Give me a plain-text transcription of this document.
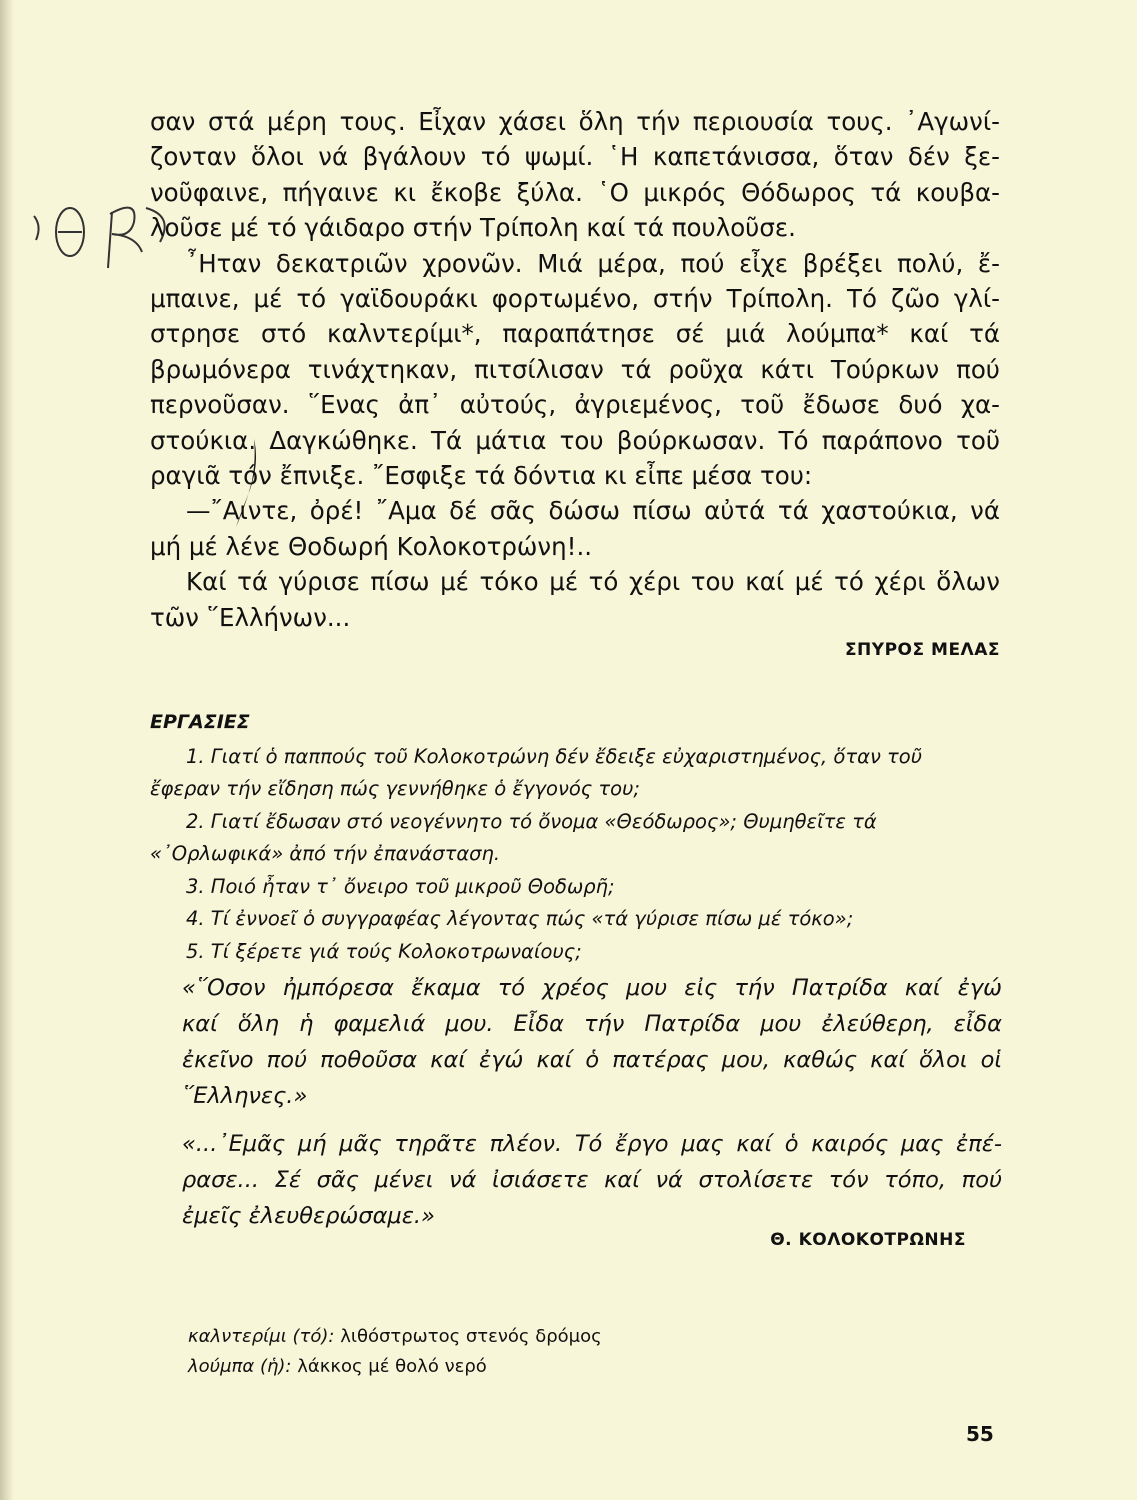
σαν στά μέρη τους. Εἶχαν χάσει ὅλη τήν περιουσία τους. ᾿Αγωνί-
ζονταν ὅλοι νά βγάλουν τό ψωμί. ῾Η καπετάνισσα, ὅταν δέν ξε-
νοῦφαινε, πήγαινε κι ἔκοβε ξύλα. ῾Ο μικρός Θόδωρος τά κουβα-
λοῦσε μέ τό γάιδαρο στήν Τρίπολη καί τά πουλοῦσε.

῏Ηταν δεκατριῶν χρονῶν. Μιά μέρα, πού εἶχε βρέξει πολύ, ἔ-
μπαινε, μέ τό γαϊδουράκι φορτωμένο, στήν Τρίπολη. Τό ζῶο γλί-
στρησε στό καλντερίμι*, παραπάτησε σέ μιά λούμπα* καί τά
βρωμόνερα τινάχτηκαν, πιτσίλισαν τά ροῦχα κάτι Τούρκων πού
περνοῦσαν. ῞Ενας ἀπ᾿ αὐτούς, ἀγριεμένος, τοῦ ἔδωσε δυό χα-
στούκια. Δαγκώθηκε. Τά μάτια του βούρκωσαν. Τό παράπονο τοῦ
ραγιᾶ τόν ἔπνιξε. ῎Εσφιξε τά δόντια κι εἶπε μέσα του:

—῎Αιντε, ὀρέ! ῎Αμα δέ σᾶς δώσω πίσω αὐτά τά χαστούκια, νά
μή μέ λένε Θοδωρή Κολοκοτρώνη!..

Καί τά γύρισε πίσω μέ τόκο μέ τό χέρι του καί μέ τό χέρι ὅλων
τῶν ῞Ελλήνων...

ΣΠΥΡΟΣ ΜΕΛΑΣ
ΕΡΓΑΣΙΕΣ
1. Γιατί ὁ παππούς τοῦ Κολοκοτρώνη δέν ἔδειξε εὐχαριστημένος, ὅταν τοῦ
ἔφεραν τήν εἴδηση πώς γεννήθηκε ὁ ἔγγονός του;
2. Γιατί ἔδωσαν στό νεογέννητο τό ὄνομα «Θεόδωρος»; Θυμηθεῖτε τά
«᾿Ορλωφικά» ἀπό τήν ἐπανάσταση.
3. Ποιό ἦταν τ᾿ ὄνειρο τοῦ μικροῦ Θοδωρῆ;
4. Τί ἐννοεῖ ὁ συγγραφέας λέγοντας πώς «τά γύρισε πίσω μέ τόκο»;
5. Τί ξέρετε γιά τούς Κολοκοτρωναίους;
«῞Οσον ἠμπόρεσα ἔκαμα τό χρέος μου εἰς τήν Πατρίδα καί ἐγώ
καί ὅλη ἡ φαμελιά μου. Εἶδα τήν Πατρίδα μου ἐλεύθερη, εἶδα
ἐκεῖνο πού ποθοῦσα καί ἐγώ καί ὁ πατέρας μου, καθώς καί ὅλοι οἱ
῞Ελληνες.»
«...᾿Εμᾶς μή μᾶς τηρᾶτε πλέον. Τό ἔργο μας καί ὁ καιρός μας ἐπέ-
ρασε... Σέ σᾶς μένει νά ἰσιάσετε καί νά στολίσετε τόν τόπο, πού
ἐμεῖς ἐλευθερώσαμε.»
Θ. ΚΟΛΟΚΟΤΡΩΝΗΣ
καλντερίμι (τό): λιθόστρωτος στενός δρόμος
λούμπα (ἡ): λάκκος μέ θολό νερό
55
